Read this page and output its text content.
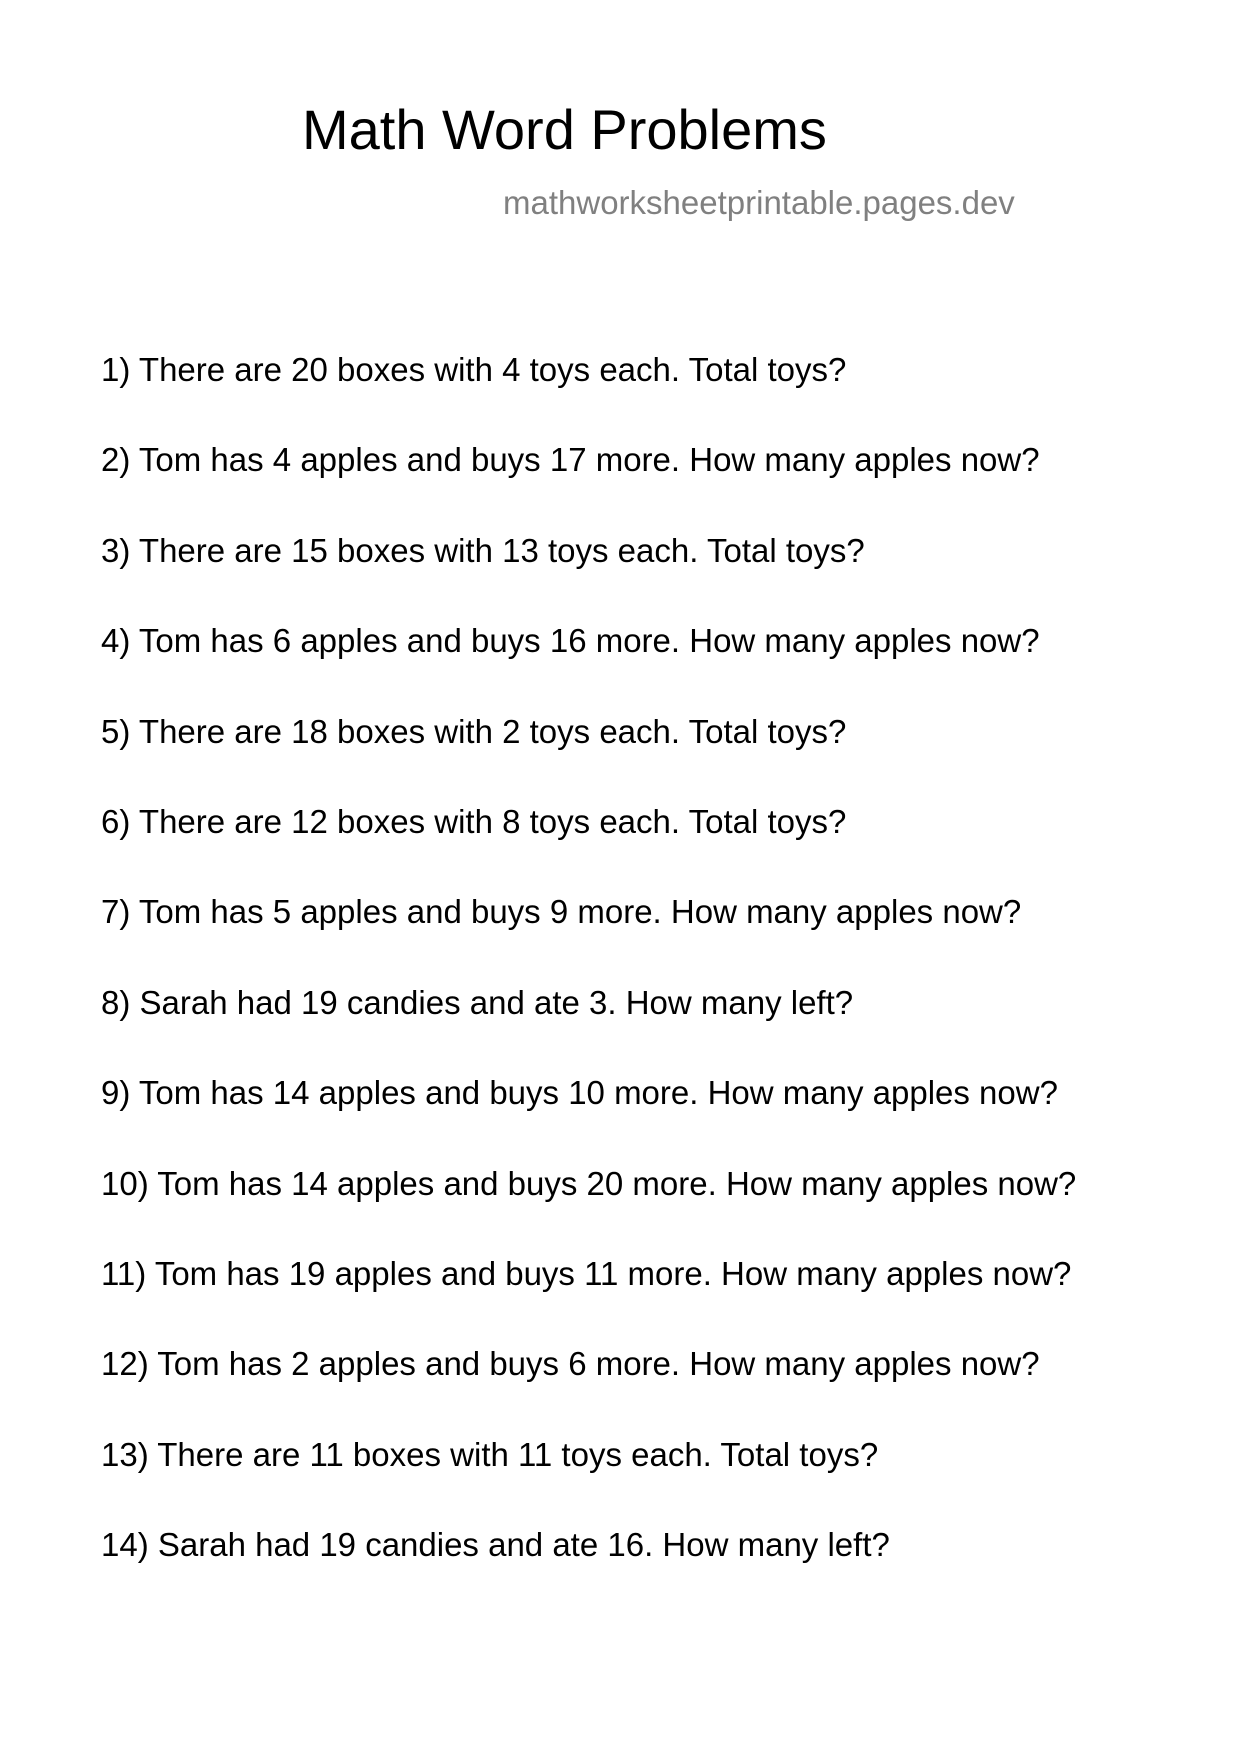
Math Word Problems
mathworksheetprintable.pages.dev
1) There are 20 boxes with 4 toys each. Total toys?
2) Tom has 4 apples and buys 17 more. How many apples now?
3) There are 15 boxes with 13 toys each. Total toys?
4) Tom has 6 apples and buys 16 more. How many apples now?
5) There are 18 boxes with 2 toys each. Total toys?
6) There are 12 boxes with 8 toys each. Total toys?
7) Tom has 5 apples and buys 9 more. How many apples now?
8) Sarah had 19 candies and ate 3. How many left?
9) Tom has 14 apples and buys 10 more. How many apples now?
10) Tom has 14 apples and buys 20 more. How many apples now?
11) Tom has 19 apples and buys 11 more. How many apples now?
12) Tom has 2 apples and buys 6 more. How many apples now?
13) There are 11 boxes with 11 toys each. Total toys?
14) Sarah had 19 candies and ate 16. How many left?
